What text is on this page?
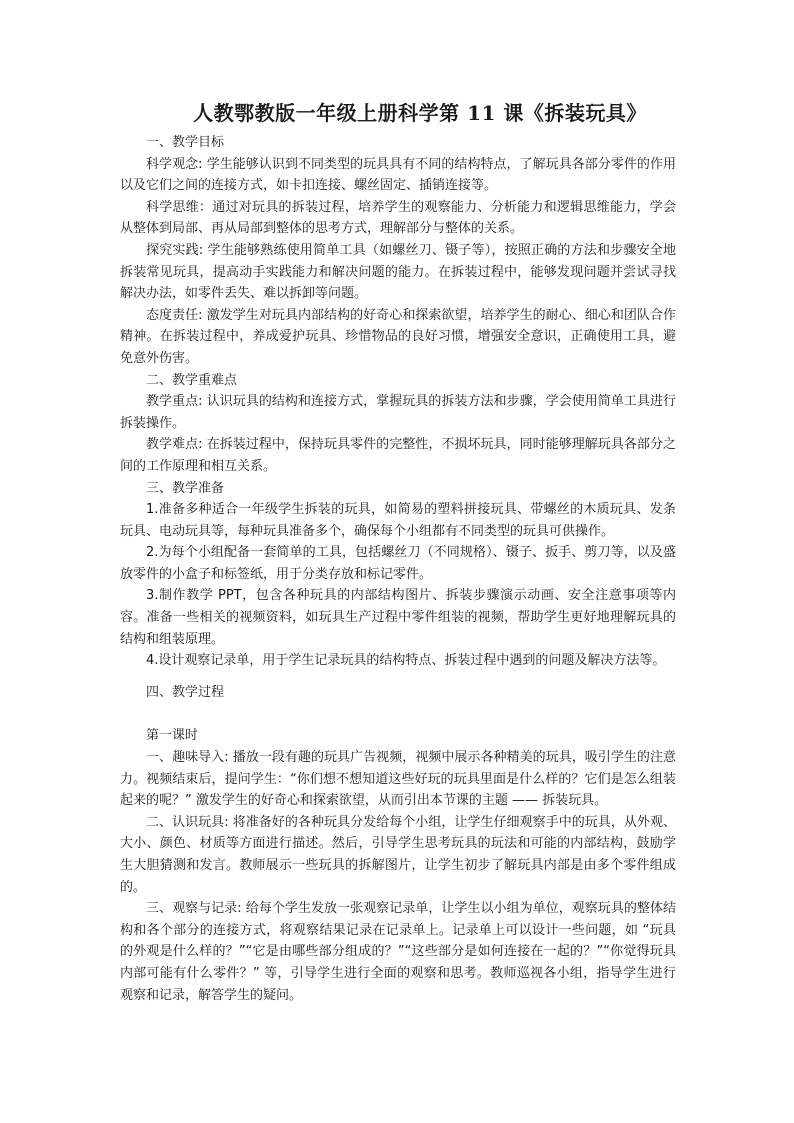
人教鄂教版一年级上册科学第 11 课《拆装玩具》

一、教学目标

科学观念: 学生能够认识到不同类型的玩具具有不同的结构特点，了解玩具各部分零件的作用以及它们之间的连接方式，如卡扣连接、螺丝固定、插销连接等。

科学思维：通过对玩具的拆装过程，培养学生的观察能力、分析能力和逻辑思维能力，学会从整体到局部、再从局部到整体的思考方式，理解部分与整体的关系。

探究实践: 学生能够熟练使用简单工具（如螺丝刀、镊子等），按照正确的方法和步骤安全地拆装常见玩具，提高动手实践能力和解决问题的能力。在拆装过程中，能够发现问题并尝试寻找解决办法，如零件丢失、难以拆卸等问题。

态度责任: 激发学生对玩具内部结构的好奇心和探索欲望，培养学生的耐心、细心和团队合作精神。在拆装过程中，养成爱护玩具、珍惜物品的良好习惯，增强安全意识，正确使用工具，避免意外伤害。

二、教学重难点

教学重点: 认识玩具的结构和连接方式，掌握玩具的拆装方法和步骤，学会使用简单工具进行拆装操作。

教学难点: 在拆装过程中，保持玩具零件的完整性，不损坏玩具，同时能够理解玩具各部分之间的工作原理和相互关系。

三、教学准备

1.准备多种适合一年级学生拆装的玩具，如简易的塑料拼接玩具、带螺丝的木质玩具、发条玩具、电动玩具等，每种玩具准备多个，确保每个小组都有不同类型的玩具可供操作。

2.为每个小组配备一套简单的工具，包括螺丝刀（不同规格）、镊子、扳手、剪刀等，以及盛放零件的小盒子和标签纸，用于分类存放和标记零件。

3.制作教学 PPT，包含各种玩具的内部结构图片、拆装步骤演示动画、安全注意事项等内容。准备一些相关的视频资料，如玩具生产过程中零件组装的视频，帮助学生更好地理解玩具的结构和组装原理。

4.设计观察记录单，用于学生记录玩具的结构特点、拆装过程中遇到的问题及解决方法等。

四、教学过程

第一课时

一、趣味导入: 播放一段有趣的玩具广告视频，视频中展示各种精美的玩具，吸引学生的注意力。视频结束后，提问学生：“你们想不想知道这些好玩的玩具里面是什么样的？它们是怎么组装起来的呢？” 激发学生的好奇心和探索欲望，从而引出本节课的主题 —— 拆装玩具。

二、认识玩具: 将准备好的各种玩具分发给每个小组，让学生仔细观察手中的玩具，从外观、大小、颜色、材质等方面进行描述。然后，引导学生思考玩具的玩法和可能的内部结构，鼓励学生大胆猜测和发言。教师展示一些玩具的拆解图片，让学生初步了解玩具内部是由多个零件组成的。

三、观察与记录: 给每个学生发放一张观察记录单，让学生以小组为单位，观察玩具的整体结构和各个部分的连接方式，将观察结果记录在记录单上。记录单上可以设计一些问题，如 “玩具的外观是什么样的？”“它是由哪些部分组成的？”“这些部分是如何连接在一起的？”“你觉得玩具内部可能有什么零件？” 等，引导学生进行全面的观察和思考。教师巡视各小组，指导学生进行观察和记录，解答学生的疑问。
